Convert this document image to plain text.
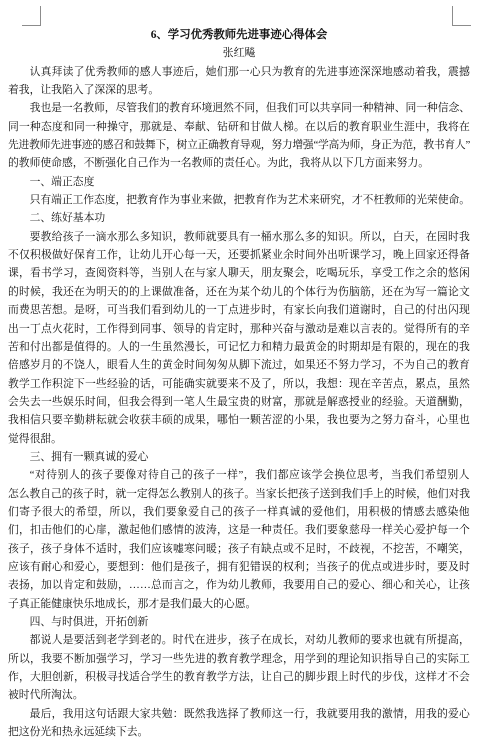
6、学习优秀教师先进事迹心得体会
张红飚
认真拜读了优秀教师的感人事迹后，她们那一心只为教育的先进事迹深深地感动着我，震撼
着我，让我陷入了深深的思考。
我也是一名教师，尽管我们的教育环境迥然不同，但我们可以共享同一种精神、同一种信念、
同一种态度和同一种操守，那就是、奉献、钻研和甘做人梯。在以后的教育职业生涯中，我将在
先进教师先进事迹的感召和鼓舞下，树立正确教育导观，努力增强“学高为师，身正为范，教书育人”
的教师使命感，不断强化自己作为一名教师的责任心。为此，我将从以下几方面来努力。
一、端正态度
只有端正工作态度，把教育作为事业来做，把教育作为艺术来研究，才不枉教师的光荣使命。
二、练好基本功
要教给孩子一滴水那么多知识，教师就要具有一桶水那么多的知识。所以，白天，在园时我
不仅积极做好保育工作，让幼儿开心每一天，还要抓紧业余时间外出听课学习，晚上回家还得备
课，看书学习，查阅资料等，当别人在与家人聊天，朋友聚会，吃喝玩乐，享受工作之余的悠闲
的时候，我还在为明天的的上课做准备，还在为某个幼儿的个体行为伤脑筋，还在为写一篇论文
而费思苦想。是呀，可当我们看到幼儿的一丁点进步时，有家长向我们道谢时，自己的付出闪现
出一丁点火花时，工作得到同事、领导的肯定时，那种兴奋与激动是难以言表的。觉得所有的辛
苦和付出都是值得的。人的一生虽然漫长，可记忆力和精力最黄金的时期却是有限的，现在的我
倍感岁月的不饶人，眼看人生的黄金时间匆匆从脚下流过，如果还不努力学习，不为自己的教育
教学工作积淀下一些经验的话，可能确实就要来不及了，所以，我想：现在辛苦点，累点，虽然
会失去一些娱乐时间，但我会得到一笔人生最宝贵的财富，那就是解惑授业的经验。天道酬勤，
我相信只要辛勤耕耘就会收获丰硕的成果，哪怕一颗苦涩的小果，我也要为之努力奋斗，心里也
觉得很甜。
三、拥有一颗真诚的爱心
“对待别人的孩子要像对待自己的孩子一样”，我们都应该学会换位思考，当我们希望别人
怎么教自己的孩子时，就一定得怎么教别人的孩子。当家长把孩子送到我们手上的时候，他们对我
们寄予很大的希望，所以，我们要象爱自己的孩子一样真诚的爱他们，用积极的情感去感染他
们，扣击他们的心扉，激起他们感情的波涛，这是一种责任。我们要象慈母一样关心爱护每一个
孩子，孩子身体不适时，我们应该嘘寒问暖；孩子有缺点或不足时，不歧视，不挖苦，不嘲笑，
应该有耐心和爱心，要想到：他们是孩子，拥有犯错误的权利；当孩子的优点或进步时，要及时
表扬，加以肯定和鼓励，……总而言之，作为幼儿教师，我要用自己的爱心、细心和关心，让孩
子真正能健康快乐地成长，那才是我们最大的心愿。
四、与时俱进，开拓创新
都说人是要活到老学到老的。时代在进步，孩子在成长，对幼儿教师的要求也就有所提高，
所以，我要不断加强学习，学习一些先进的教育教学理念，用学到的理论知识指导自己的实际工
作，大胆创新，积极寻找适合学生的教育教学方法，让自己的脚步跟上时代的步伐，这样才不会
被时代所淘汰。
最后，我用这句话跟大家共勉：既然我选择了教师这一行，我就要用我的激情，用我的爱心
把这份光和热永远延续下去。
